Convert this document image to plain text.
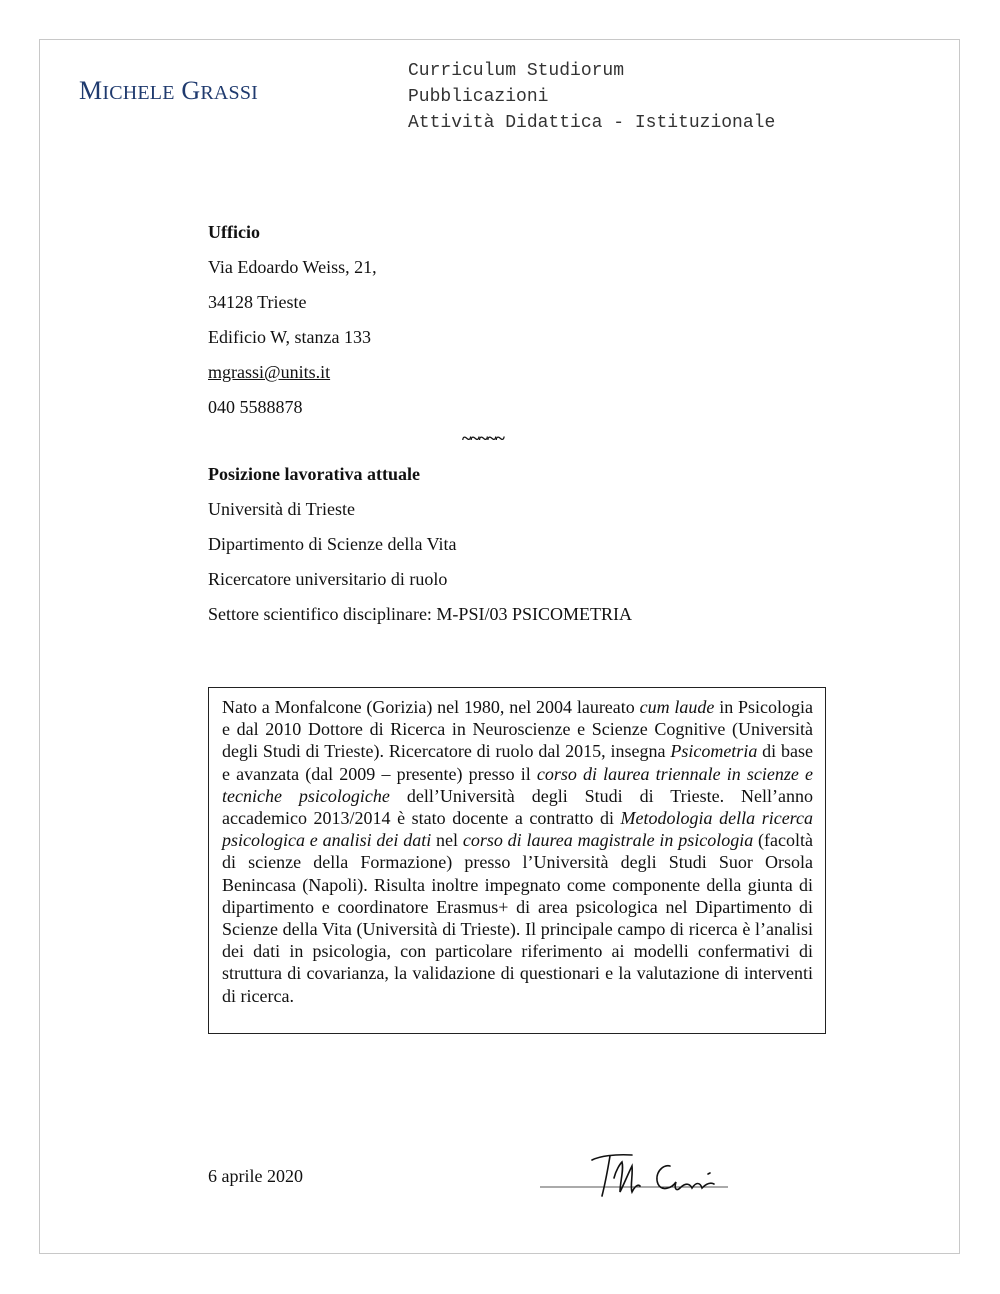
MICHELE GRASSI
Curriculum Studiorum
Pubblicazioni
Attività Didattica - Istituzionale
Ufficio
Via Edoardo Weiss, 21,
34128 Trieste
Edificio W, stanza 133
mgrassi@units.it
040 5588878
~~~~~
Posizione lavorativa attuale
Università di Trieste
Dipartimento di Scienze della Vita
Ricercatore universitario di ruolo
Settore scientifico disciplinare: M-PSI/03 PSICOMETRIA
Nato a Monfalcone (Gorizia) nel 1980, nel 2004 laureato cum laude in Psicologia e dal 2010 Dottore di Ricerca in Neuroscienze e Scienze Cognitive (Università degli Studi di Trieste). Ricercatore di ruolo dal 2015, insegna Psicometria di base e avanzata (dal 2009 – presente) presso il corso di laurea triennale in scienze e tecniche psicologiche dell’Università degli Studi di Trieste. Nell’anno accademico 2013/2014 è stato docente a contratto di Metodologia della ricerca psicologica e analisi dei dati nel corso di laurea magistrale in psicologia (facoltà di scienze della Formazione) presso l’Università degli Studi Suor Orsola Benincasa (Napoli). Risulta inoltre impegnato come componente della giunta di dipartimento e coordinatore Erasmus+ di area psicologica nel Dipartimento di Scienze della Vita (Università di Trieste). Il principale campo di ricerca è l’analisi dei dati in psicologia, con particolare riferimento ai modelli confermativi di struttura di covarianza, la validazione di questionari e la valutazione di interventi di ricerca.
6 aprile 2020
